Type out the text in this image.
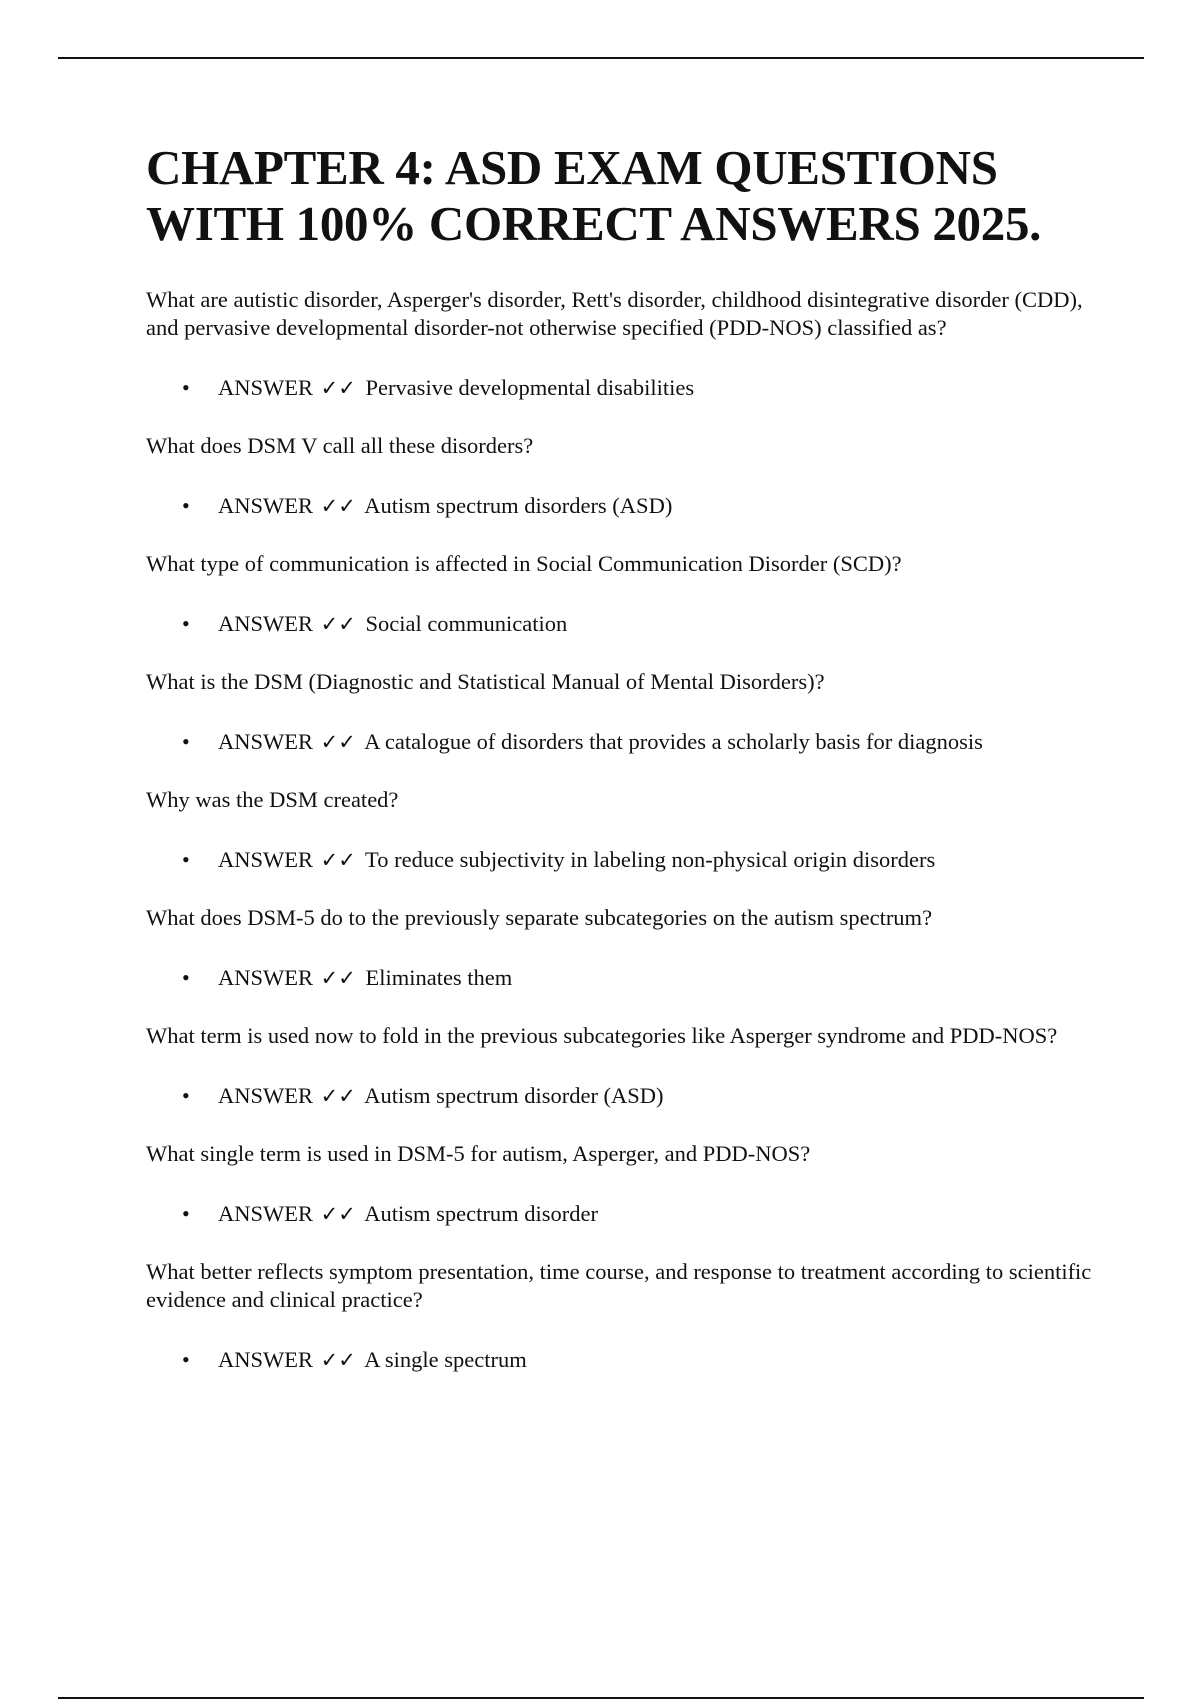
CHAPTER 4: ASD EXAM QUESTIONS WITH 100% CORRECT ANSWERS 2025.

What are autistic disorder, Asperger's disorder, Rett's disorder, childhood disintegrative disorder (CDD), and pervasive developmental disorder-not otherwise specified (PDD-NOS) classified as?

• ANSWER ✓✓ Pervasive developmental disabilities

What does DSM V call all these disorders?

• ANSWER ✓✓ Autism spectrum disorders (ASD)

What type of communication is affected in Social Communication Disorder (SCD)?

• ANSWER ✓✓ Social communication

What is the DSM (Diagnostic and Statistical Manual of Mental Disorders)?

• ANSWER ✓✓ A catalogue of disorders that provides a scholarly basis for diagnosis

Why was the DSM created?

• ANSWER ✓✓ To reduce subjectivity in labeling non-physical origin disorders

What does DSM-5 do to the previously separate subcategories on the autism spectrum?

• ANSWER ✓✓ Eliminates them

What term is used now to fold in the previous subcategories like Asperger syndrome and PDD-NOS?

• ANSWER ✓✓ Autism spectrum disorder (ASD)

What single term is used in DSM-5 for autism, Asperger, and PDD-NOS?

• ANSWER ✓✓ Autism spectrum disorder

What better reflects symptom presentation, time course, and response to treatment according to scientific evidence and clinical practice?

• ANSWER ✓✓ A single spectrum
